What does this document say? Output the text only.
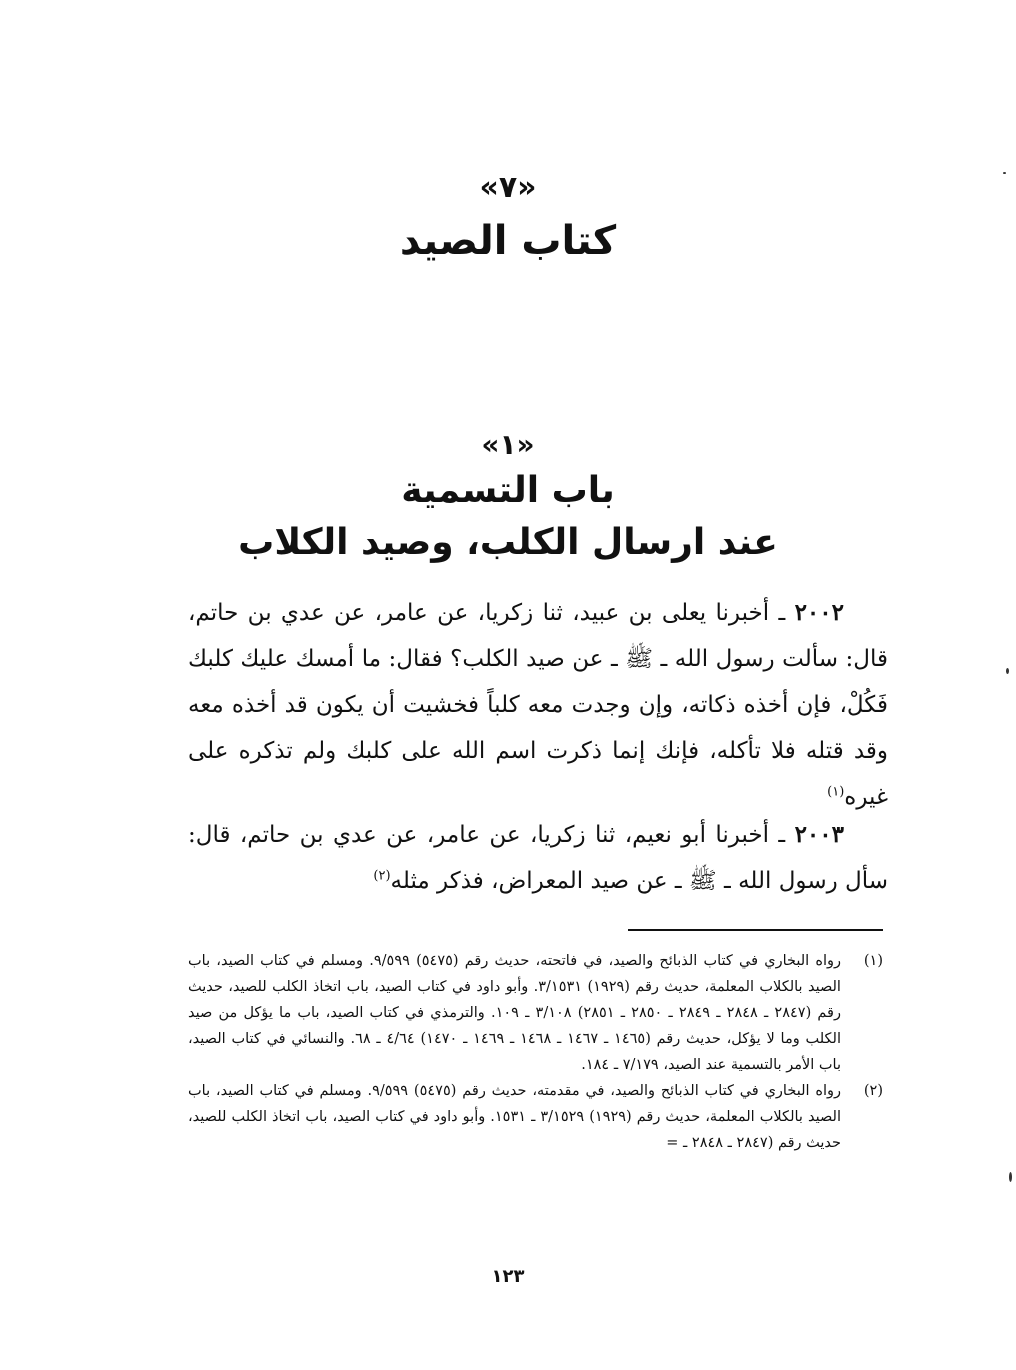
«٧»
كتاب الصيد
«١»
باب التسمية
عند ارسال الكلب، وصيد الكلاب

٢٠٠٢ ـ أخبرنا يعلى بن عبيد، ثنا زكريا، عن عامر، عن عدي بن حاتم، قال: سألت رسول الله ـ ﷺ ـ عن صيد الكلب؟ فقال: ما أمسك عليك كلبك فَكُلْ، فإن أخذه ذكاته، وإن وجدت معه كلباً فخشيت أن يكون قد أخذه معه وقد قتله فلا تأكله، فإنك إنما ذكرت اسم الله على كلبك ولم تذكره على غيره$^{(١)}$

٢٠٠٣ ـ أخبرنا أبو نعيم، ثنا زكريا، عن عامر، عن عدي بن حاتم، قال: سأل رسول الله ـ ﷺ ـ عن صيد المعراض، فذكر مثله$^{(٢)}$

(١)
رواه البخاري في كتاب الذبائح والصيد، في فاتحته، حديث رقم (٥٤٧٥) ٩/٥٩٩. ومسلم في كتاب الصيد، باب الصيد بالكلاب المعلمة، حديث رقم (١٩٢٩) ٣/١٥٣١. وأبو داود في كتاب الصيد، باب اتخاذ الكلب للصيد، حديث رقم (٢٨٤٧ ـ ٢٨٤٨ ـ ٢٨٤٩ ـ ٢٨٥٠ ـ ٢٨٥١) ٣/١٠٨ ـ ١٠٩. والترمذي في كتاب الصيد، باب ما يؤكل من صيد الكلب وما لا يؤكل، حديث رقم (١٤٦٥ ـ ١٤٦٧ ـ ١٤٦٨ ـ ١٤٦٩ ـ ١٤٧٠) ٤/٦٤ ـ ٦٨. والنسائي في كتاب الصيد، باب الأمر بالتسمية عند الصيد، ٧/١٧٩ ـ ١٨٤.

(٢)
رواه البخاري في كتاب الذبائح والصيد، في مقدمته، حديث رقم (٥٤٧٥) ٩/٥٩٩. ومسلم في كتاب الصيد، باب الصيد بالكلاب المعلمة، حديث رقم (١٩٢٩) ٣/١٥٢٩ ـ ١٥٣١. وأبو داود في كتاب الصيد، باب اتخاذ الكلب للصيد، حديث رقم (٢٨٤٧ ـ ٢٨٤٨ ـ =

١٢٣
